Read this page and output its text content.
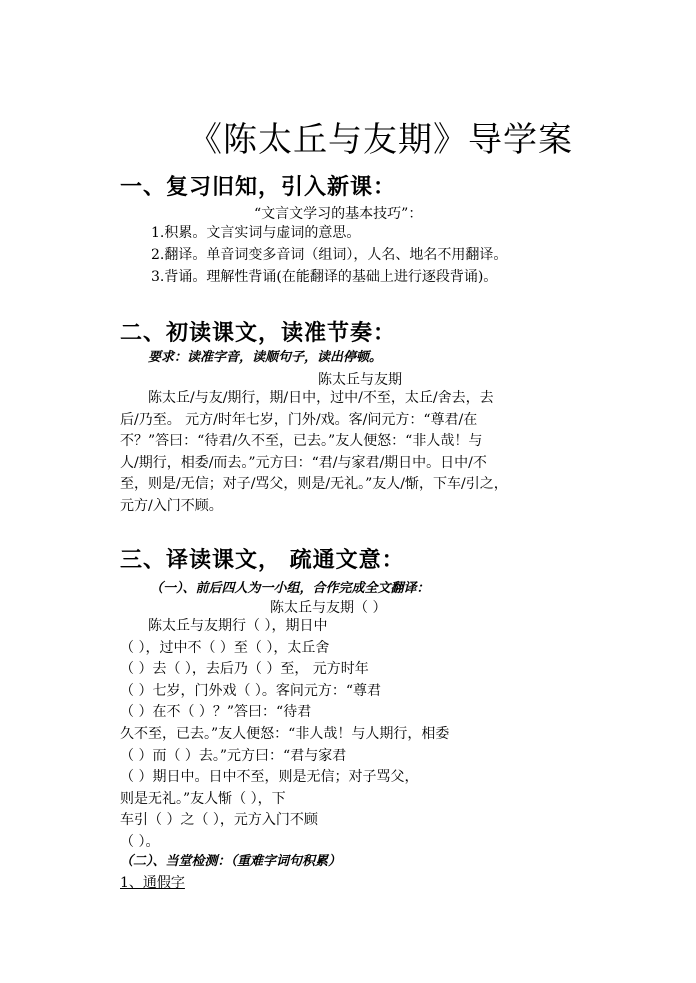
《陈太丘与友期》导学案
一、复习旧知，引入新课：
“文言文学习的基本技巧”：
1.积累。文言实词与虚词的意思。
2.翻译。单音词变多音词（组词），人名、地名不用翻译。
3.背诵。理解性背诵(在能翻译的基础上进行逐段背诵)。
二、初读课文，读准节奏：
要求：读准字音，读顺句子，读出停顿。
陈太丘与友期
陈太丘/与友/期行，期/日中，过中/不至，太丘/舍去，去
后/乃至。 元方/时年七岁，门外/戏。客/问元方：“尊君/在
不？”答曰：“待君/久不至，已去。”友人便怒：“非人哉！与
人/期行，相委/而去。”元方曰：“君/与家君/期日中。日中/不
至，则是/无信；对子/骂父，则是/无礼。”友人/惭，下车/引之，
元方/入门不顾。
三、译读课文， 疏通文意：
（一）、前后四人为一小组，合作完成全文翻译：
陈太丘与友期（ ）
陈太丘与友期行（ ），期日中
（ ），过中不（ ）至（ ），太丘舍
（ ）去（ ），去后乃（ ）至， 元方时年
（ ）七岁，门外戏（ ）。客问元方：“尊君
（ ）在不（ ）？”答曰：“待君
久不至，已去。”友人便怒：“非人哉！与人期行，相委
（ ）而（ ）去。”元方曰：“君与家君
（ ）期日中。日中不至，则是无信；对子骂父，
则是无礼。”友人惭（ ），下
车引（ ）之（ ），元方入门不顾
（ ）。
（二）、当堂检测：（重难字词句积累）
1、通假字
